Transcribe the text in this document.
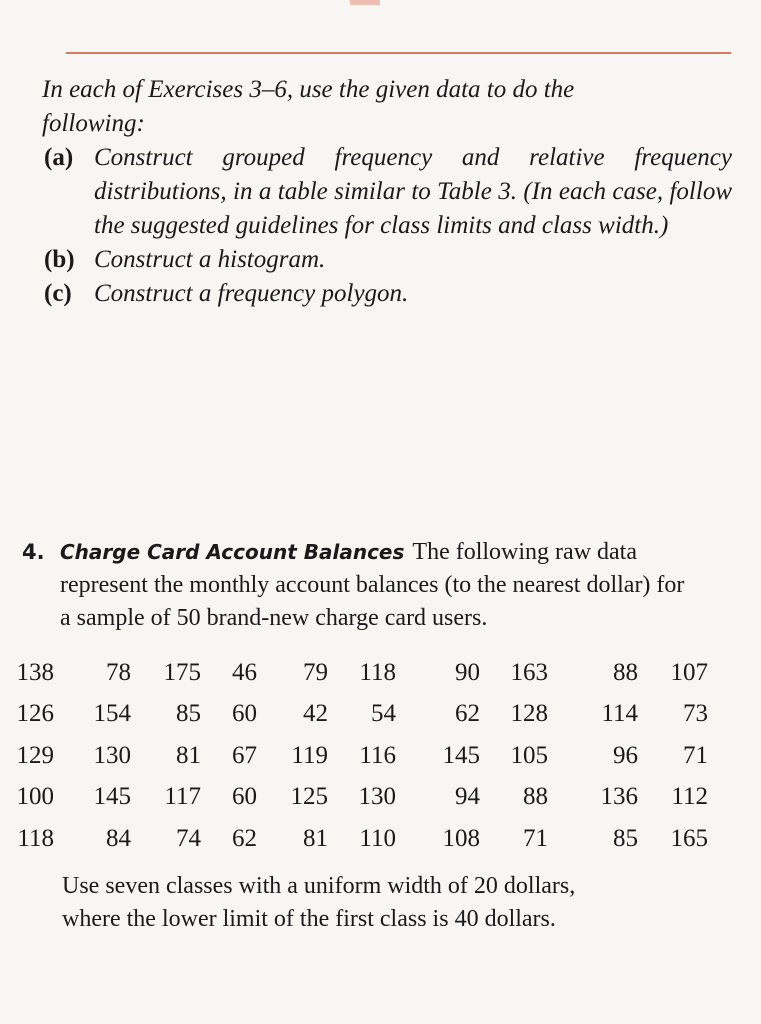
In each of Exercises 3–6, use the given data to do the

following:

(a) Construct grouped frequency and relative frequency distributions, in a table similar to Table 3. (In each case, follow the suggested guidelines for class limits and class width.)
(b) Construct a histogram.
(c) Construct a frequency polygon.
4. Charge Card Account Balances The following raw data represent the monthly account balances (to the nearest dollar) for a sample of 50 brand-new charge card users.
138	78	175	46	79	118	90	163	88	107
126	154	85	60	42	54	62	128	114	73
129	130	81	67	119	116	145	105	96	71
100	145	117	60	125	130	94	88	136	112
118	84	74	62	81	110	108	71	85	165

Use seven classes with a uniform width of 20 dollars,
where the lower limit of the first class is 40 dollars.
